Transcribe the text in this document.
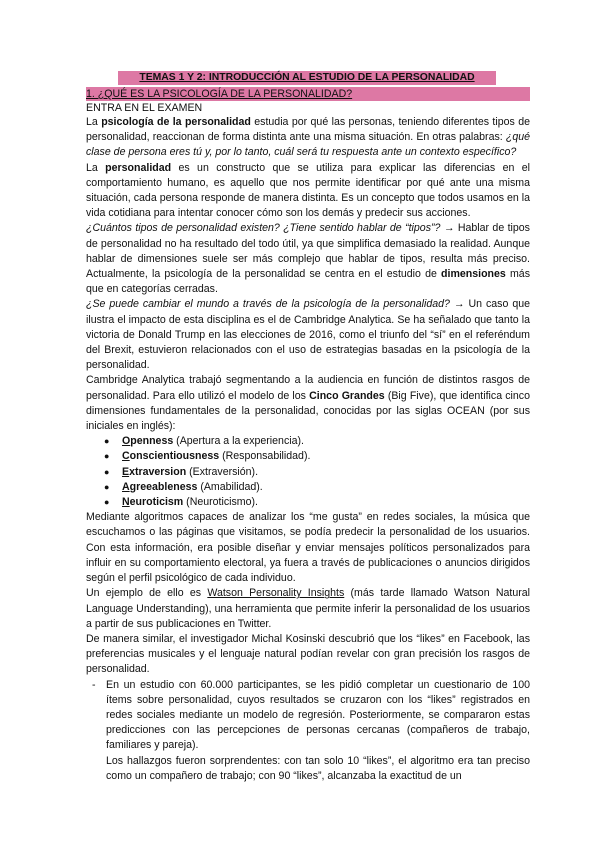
TEMAS 1 Y 2: INTRODUCCIÓN AL ESTUDIO DE LA PERSONALIDAD
1. ¿QUÉ ES LA PSICOLOGÍA DE LA PERSONALIDAD?
ENTRA EN EL EXAMEN

La psicología de la personalidad estudia por qué las personas, teniendo diferentes tipos de personalidad, reaccionan de forma distinta ante una misma situación. En otras palabras: ¿qué clase de persona eres tú y, por lo tanto, cuál será tu respuesta ante un contexto específico?

La personalidad es un constructo que se utiliza para explicar las diferencias en el comportamiento humano, es aquello que nos permite identificar por qué ante una misma situación, cada persona responde de manera distinta. Es un concepto que todos usamos en la vida cotidiana para intentar conocer cómo son los demás y predecir sus acciones.

¿Cuántos tipos de personalidad existen? ¿Tiene sentido hablar de “tipos”? → Hablar de tipos de personalidad no ha resultado del todo útil, ya que simplifica demasiado la realidad. Aunque hablar de dimensiones suele ser más complejo que hablar de tipos, resulta más preciso. Actualmente, la psicología de la personalidad se centra en el estudio de dimensiones más que en categorías cerradas.

¿Se puede cambiar el mundo a través de la psicología de la personalidad? → Un caso que ilustra el impacto de esta disciplina es el de Cambridge Analytica. Se ha señalado que tanto la victoria de Donald Trump en las elecciones de 2016, como el triunfo del “sí” en el referéndum del Brexit, estuvieron relacionados con el uso de estrategias basadas en la psicología de la personalidad.

Cambridge Analytica trabajó segmentando a la audiencia en función de distintos rasgos de personalidad. Para ello utilizó el modelo de los Cinco Grandes (Big Five), que identifica cinco dimensiones fundamentales de la personalidad, conocidas por las siglas OCEAN (por sus iniciales en inglés):

● Openness (Apertura a la experiencia).
● Conscientiousness (Responsabilidad).
● Extraversion (Extraversión).
● Agreeableness (Amabilidad).
● Neuroticism (Neuroticismo).

Mediante algoritmos capaces de analizar los “me gusta” en redes sociales, la música que escuchamos o las páginas que visitamos, se podía predecir la personalidad de los usuarios. Con esta información, era posible diseñar y enviar mensajes políticos personalizados para influir en su comportamiento electoral, ya fuera a través de publicaciones o anuncios dirigidos según el perfil psicológico de cada individuo.

Un ejemplo de ello es Watson Personality Insights (más tarde llamado Watson Natural Language Understanding), una herramienta que permite inferir la personalidad de los usuarios a partir de sus publicaciones en Twitter.

De manera similar, el investigador Michal Kosinski descubrió que los “likes” en Facebook, las preferencias musicales y el lenguaje natural podían revelar con gran precisión los rasgos de personalidad.

- En un estudio con 60.000 participantes, se les pidió completar un cuestionario de 100 ítems sobre personalidad, cuyos resultados se cruzaron con los “likes” registrados en redes sociales mediante un modelo de regresión. Posteriormente, se compararon estas predicciones con las percepciones de personas cercanas (compañeros de trabajo, familiares y pareja).

Los hallazgos fueron sorprendentes: con tan solo 10 “likes”, el algoritmo era tan preciso como un compañero de trabajo; con 90 “likes”, alcanzaba la exactitud de un
